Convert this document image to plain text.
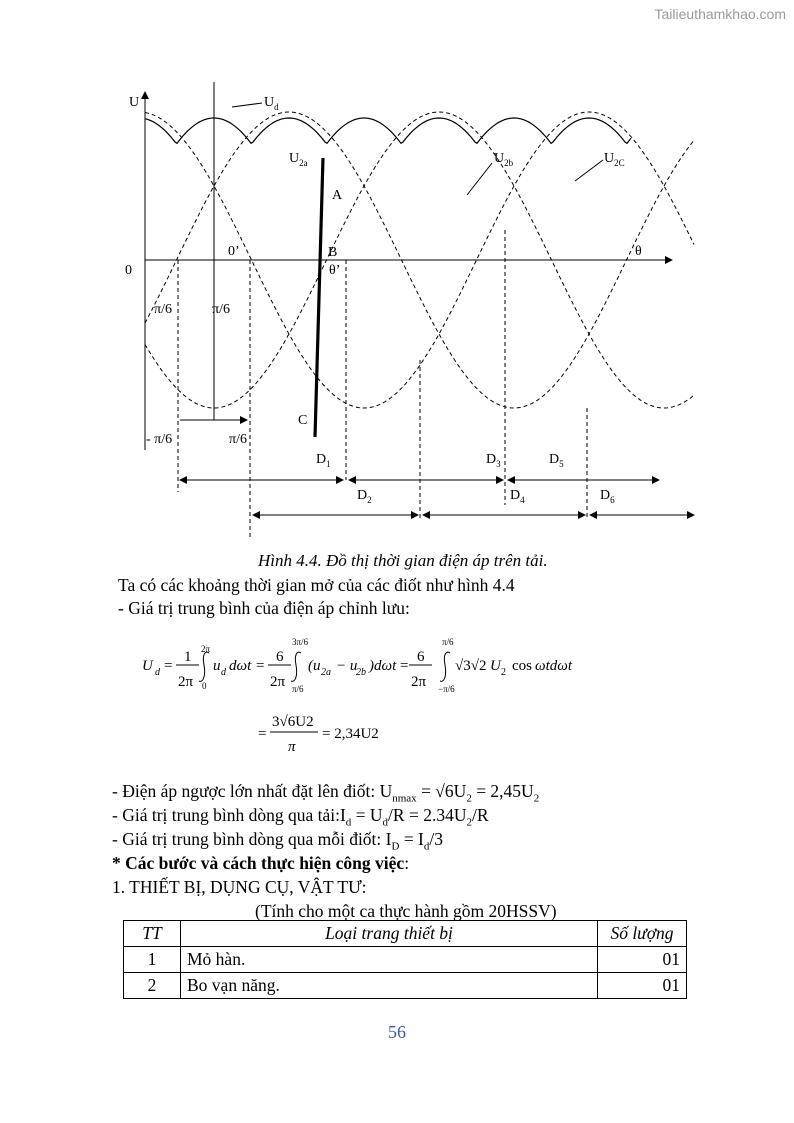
Tailieuthamkhao.com
U	$U_d$
$U_{2a}$	$U_{2b}$	$U_{2C}$
A
B
C
0
0’	θ
θ’
π/6	π/6
- π/6	π/6
$D_1$	$D_3$	$D_5$
$D_2$	$D_4$	$D_6$
Hình 4.4. Đồ thị thời gian điện áp trên tải.
Ta có các khoảng thời gian mở của các điốt như hình 4.4
- Giá trị trung bình của điện áp chỉnh lưu:
U d =
1
2π
2π
0
u d dωt =
6
2π
3π/6
π/6
(u 2a − u
2b )dωt =
6
2π
π/6
−π/6
√3√2 U 2 cos ωtdωt
=
3√6U2
π
= 2,34U2
- Điện áp ngược lớn nhất đặt lên điốt: $U_{nmax} = √6U_2 = 2,45U_2$
- Giá trị trung bình dòng qua $tải:I_d = U_d/R = 2.34U_2/R$
- Giá trị trung bình dòng qua mỗi điốt: $I_D = I_d/3$
* Các bước và cách thực hiện công việc:
1. THIẾT BỊ, DỤNG CỤ, VẬT TƯ:
(Tính cho một ca thực hành gồm 20HSSV)
TT	Loại trang thiết bị	Số lượng
1	Mỏ hàn.	01
2	Bo vạn năng.	01
56
